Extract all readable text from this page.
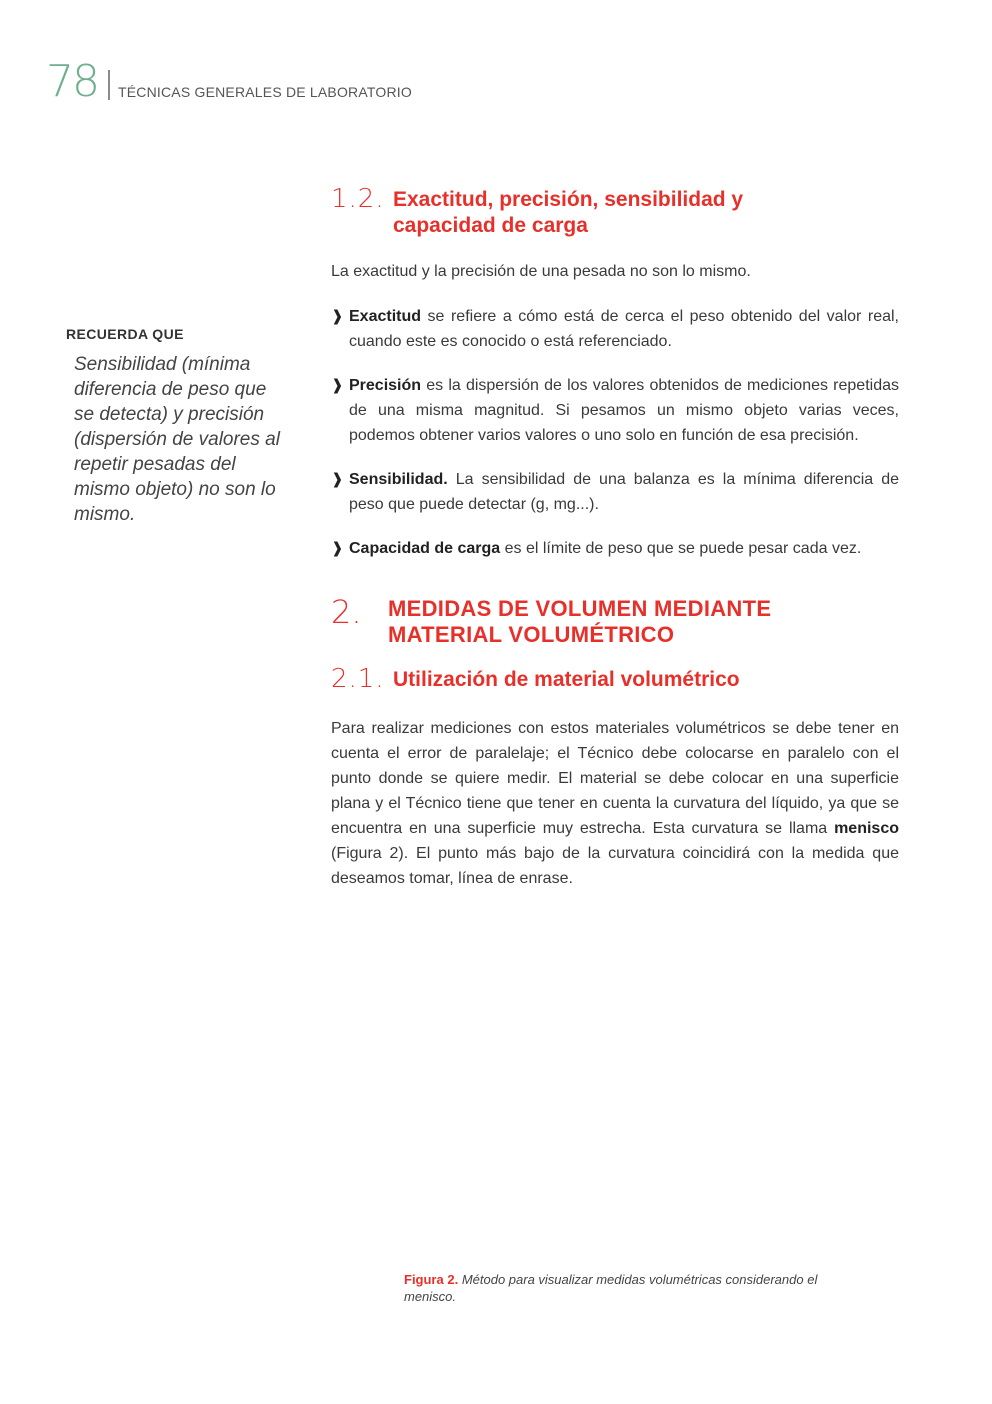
78 TÉCNICAS GENERALES DE LABORATORIO
RECUERDA QUE
Sensibilidad (mínima diferencia de peso que se detecta) y precisión (dispersión de valores al repetir pesadas del mismo objeto) no son lo mismo.
1.2. Exactitud, precisión, sensibilidad y
capacidad de carga
La exactitud y la precisión de una pesada no son lo mismo.
❱ Exactitud se refiere a cómo está de cerca el peso obtenido del valor real, cuando este es conocido o está referenciado.
❱ Precisión es la dispersión de los valores obtenidos de mediciones repetidas de una misma magnitud. Si pesamos un mismo objeto varias veces, podemos obtener varios valores o uno solo en función de esa precisión.
❱ Sensibilidad. La sensibilidad de una balanza es la mínima diferencia de peso que puede detectar (g, mg...).
❱ Capacidad de carga es el límite de peso que se puede pesar cada vez.
2.	MEDIDAS DE VOLUMEN MEDIANTE
MATERIAL VOLUMÉTRICO
2.1. Utilización de material volumétrico
Para realizar mediciones con estos materiales volumétricos se debe tener en cuenta el error de paralelaje; el Técnico debe colocarse en paralelo con el punto donde se quiere medir. El material se debe colocar en una superficie plana y el Técnico tiene que tener en cuenta la curvatura del líquido, ya que se encuentra en una superficie muy estrecha. Esta curvatura se llama menisco (Figura 2). El punto más bajo de la curvatura coincidirá con la medida que deseamos tomar, línea de enrase.
Figura 2. Método para visualizar medidas volumétricas considerando el menisco.
